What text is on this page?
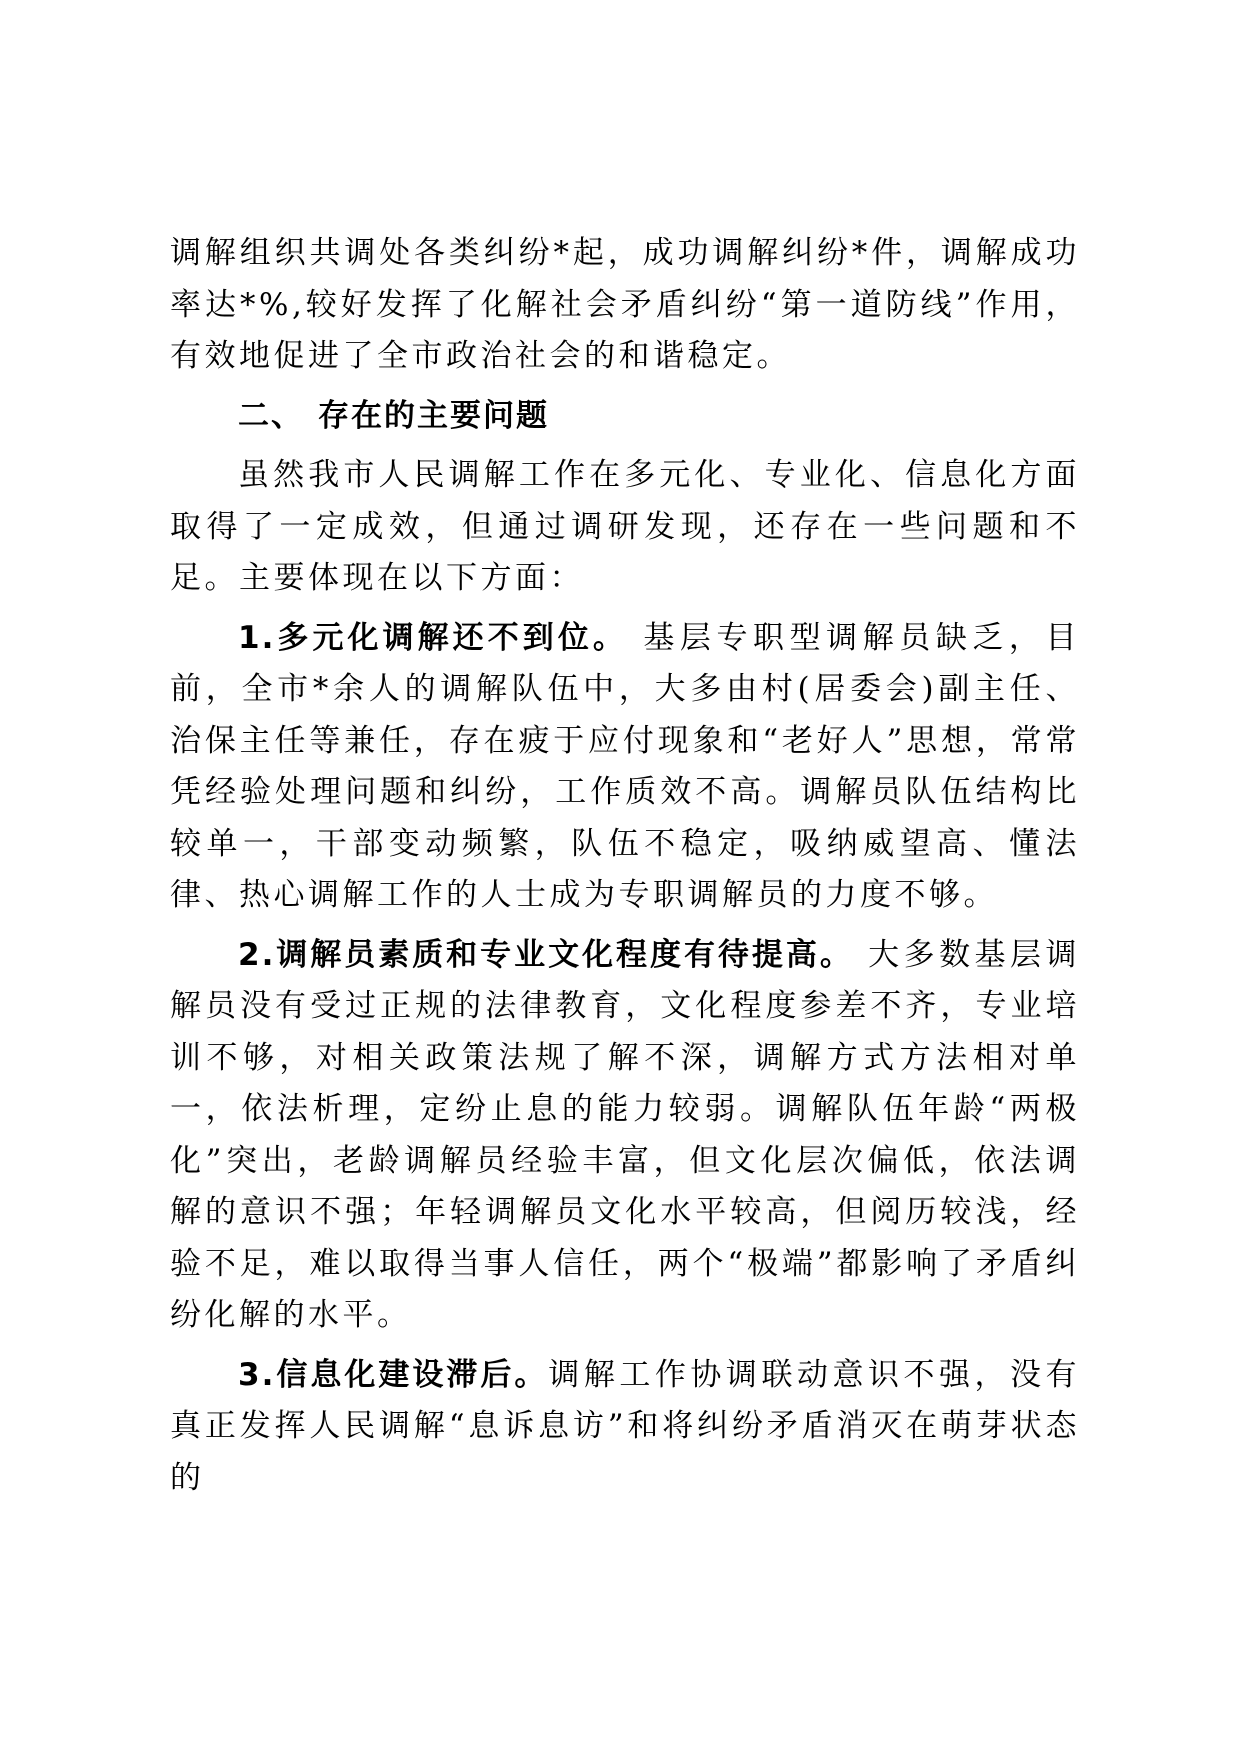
调解组织共调处各类纠纷*起，成功调解纠纷*件，调解成功率达*%,较好发挥了化解社会矛盾纠纷“第一道防线”作用，有效地促进了全市政治社会的和谐稳定。

二、 存在的主要问题

虽然我市人民调解工作在多元化、专业化、信息化方面取得了一定成效，但通过调研发现，还存在一些问题和不足。主要体现在以下方面：

1.多元化调解还不到位。 基层专职型调解员缺乏，目前，全市*余人的调解队伍中，大多由村(居委会)副主任、治保主任等兼任，存在疲于应付现象和“老好人”思想，常常凭经验处理问题和纠纷，工作质效不高。调解员队伍结构比较单一，干部变动频繁，队伍不稳定，吸纳威望高、懂法律、热心调解工作的人士成为专职调解员的力度不够。

2.调解员素质和专业文化程度有待提高。 大多数基层调解员没有受过正规的法律教育，文化程度参差不齐，专业培训不够，对相关政策法规了解不深，调解方式方法相对单一，依法析理，定纷止息的能力较弱。调解队伍年龄“两极化”突出，老龄调解员经验丰富，但文化层次偏低，依法调解的意识不强；年轻调解员文化水平较高，但阅历较浅，经验不足，难以取得当事人信任，两个“极端”都影响了矛盾纠纷化解的水平。

3.信息化建设滞后。调解工作协调联动意识不强，没有真正发挥人民调解“息诉息访”和将纠纷矛盾消灭在萌芽状态的
